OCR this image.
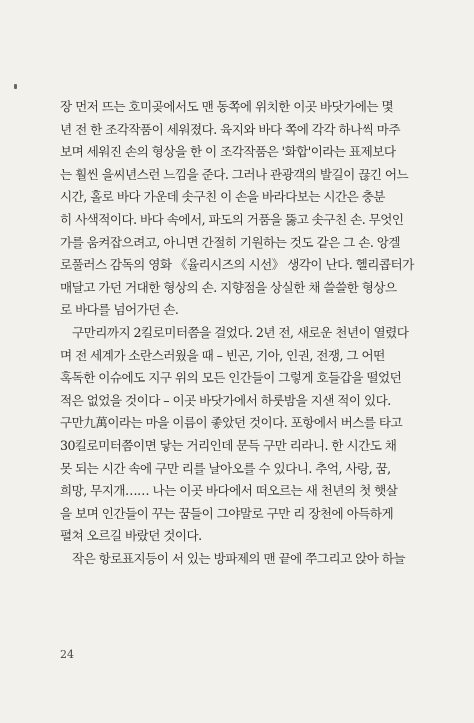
장 먼저 뜨는 호미곶에서도 맨 동쪽에 위치한 이곳 바닷가에는 몇
년 전 한 조각작품이 세워졌다. 육지와 바다 쪽에 각각 하나씩 마주
보며 세워진 손의 형상을 한 이 조각작품은 '화합'이라는 표제보다
는 훨씬 을씨년스런 느낌을 준다. 그러나 관광객의 발길이 끊긴 어느
시간, 홀로 바다 가운데 솟구친 이 손을 바라다보는 시간은 충분
히 사색적이다. 바다 속에서, 파도의 거품을 뚫고 솟구친 손. 무엇인
가를 움켜잡으려고, 아니면 간절히 기원하는 것도 같은 그 손. 앙겔
로풀러스 감독의 영화 《율리시즈의 시선》 생각이 난다. 헬리콥터가
매달고 가던 거대한 형상의 손. 지향점을 상실한 채 쓸쓸한 형상으
로 바다를 넘어가던 손.
구만리까지 2킬로미터쯤을 걸었다. 2년 전, 새로운 천년이 열렸다
며 전 세계가 소란스러웠을 때 – 빈곤, 기아, 인권, 전쟁, 그 어떤
혹독한 이슈에도 지구 위의 모든 인간들이 그렇게 호들갑을 떨었던
적은 없었을 것이다 – 이곳 바닷가에서 하룻밤을 지샌 적이 있다.
구만九萬이라는 마을 이름이 좋았던 것이다. 포항에서 버스를 타고
30킬로미터쯤이면 닿는 거리인데 문득 구만 리라니. 한 시간도 채
못 되는 시간 속에 구만 리를 날아오를 수 있다니. 추억, 사랑, 꿈,
희망, 무지개…… 나는 이곳 바다에서 떠오르는 새 천년의 첫 햇살
을 보며 인간들이 꾸는 꿈들이 그야말로 구만 리 장천에 아득하게
펼쳐 오르길 바랐던 것이다.
작은 항로표지등이 서 있는 방파제의 맨 끝에 쭈그리고 앉아 하늘
24
